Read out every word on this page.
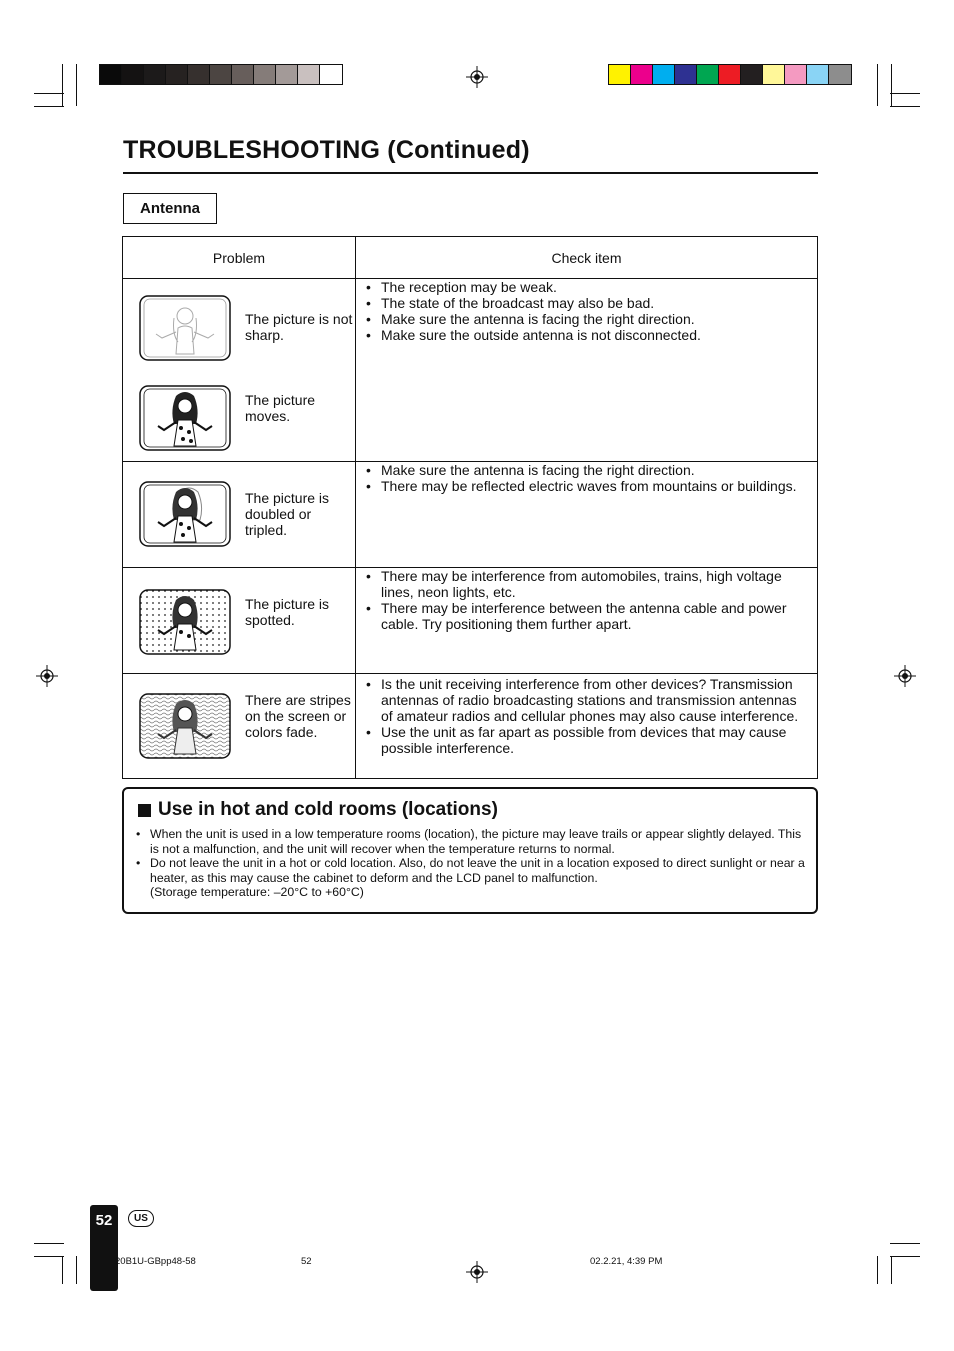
TROUBLESHOOTING (Continued)
Antenna
Problem	Check item
The picture is not sharp.
The picture moves.
• The reception may be weak.
• The state of the broadcast may also be bad.
• Make sure the antenna is facing the right direction.
• Make sure the outside antenna is not disconnected.
The picture is doubled or tripled.
• Make sure the antenna is facing the right direction.
• There may be reflected electric waves from mountains or buildings.
The picture is spotted.
• There may be interference from automobiles, trains, high voltage lines, neon lights, etc.
• There may be interference between the antenna cable and power cable. Try positioning them further apart.
There are stripes on the screen or colors fade.
• Is the unit receiving interference from other devices? Transmission antennas of radio broadcasting stations and transmission antennas of amateur radios and cellular phones may also cause interference.
• Use the unit as far apart as possible from devices that may cause possible interference.
Use in hot and cold rooms (locations)
• When the unit is used in a low temperature rooms (location), the picture may leave trails or appear slightly delayed. This is not a malfunction, and the unit will recover when the temperature returns to normal.
• Do not leave the unit in a hot or cold location. Also, do not leave the unit in a location exposed to direct sunlight or near a heater, as this may cause the cabinet to deform and the LCD panel to malfunction.
(Storage temperature: –20°C to +60°C)
52	US
20B1U-GBpp48-58	52	02.2.21, 4:39 PM
